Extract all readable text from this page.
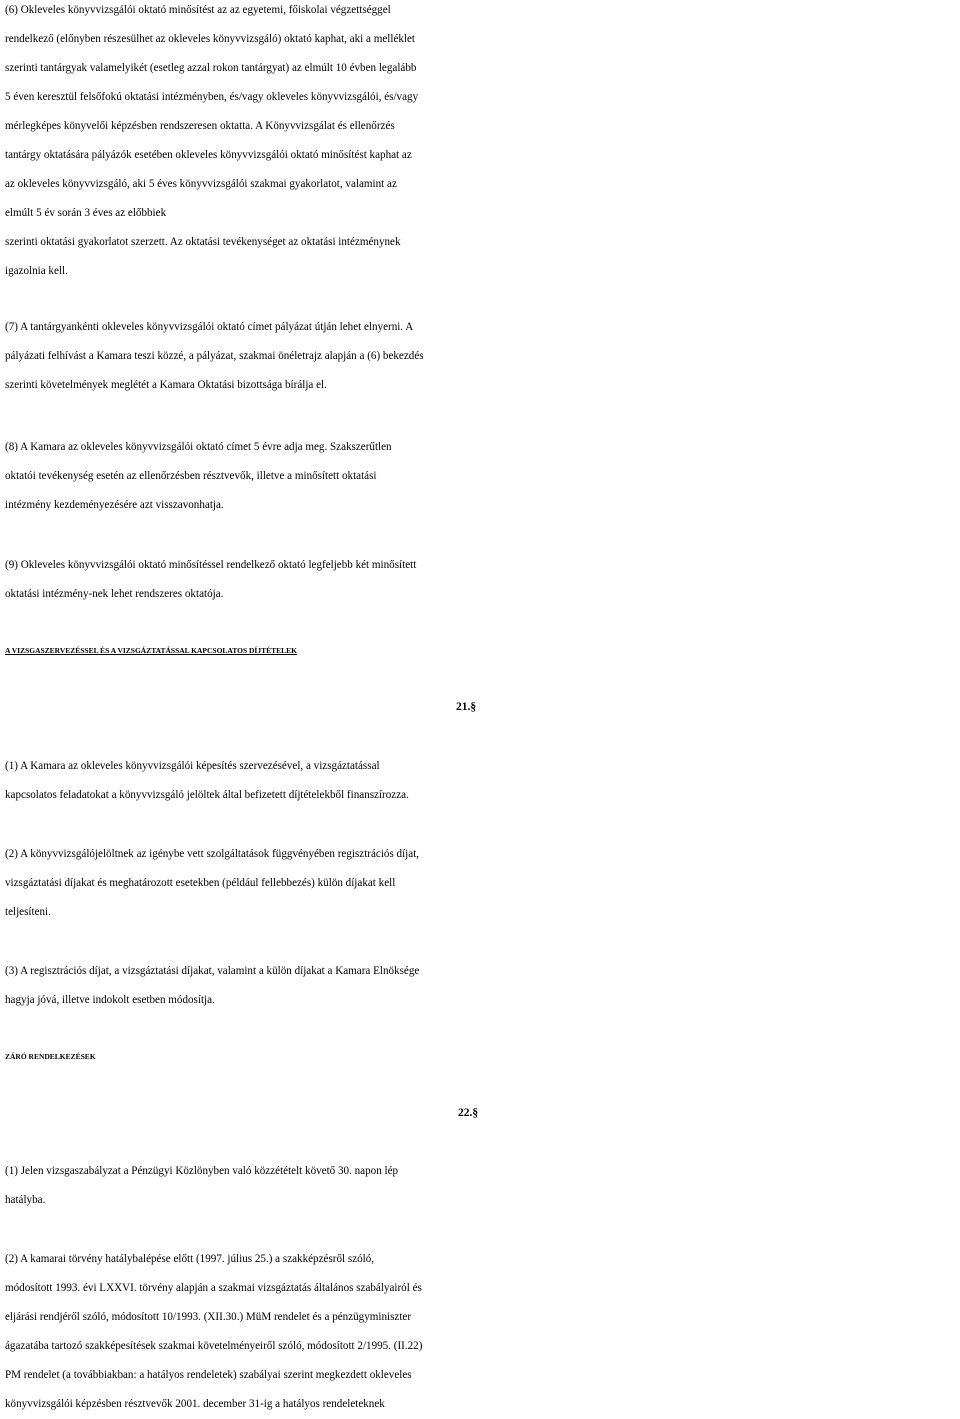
(6) Okleveles könyvvizsgálói oktató minősítést az az egyetemi, főiskolai végzettséggel
rendelkező (előnyben részesülhet az okleveles könyvvizsgáló) oktató kaphat, aki a melléklet
szerinti tantárgyak valamelyikét (esetleg azzal rokon tantárgyat) az elmúlt 10 évben legalább
5 éven keresztül felsőfokú oktatási intézményben, és/vagy okleveles könyvvizsgálói, és/vagy
mérlegképes könyvelői képzésben rendszeresen oktatta. A Könyvvizsgálat és ellenőrzés
tantárgy oktatására pályázók esetében okleveles könyvvizsgálói oktató minősítést kaphat az
az okleveles könyvvizsgáló, aki 5 éves könyvvizsgálói szakmai gyakorlatot, valamint az
elmúlt 5 év során 3 éves az előbbiek
szerinti oktatási gyakorlatot szerzett. Az oktatási tevékenységet az oktatási intézménynek
igazolnia kell.
(7) A tantárgyankénti okleveles könyvvizsgálói oktató címet pályázat útján lehet elnyerni. A
pályázati felhívást a Kamara teszi közzé, a pályázat, szakmai önéletrajz alapján a (6) bekezdés
szerinti követelmények meglétét a Kamara Oktatási bizottsága bírálja el.
(8) A Kamara az okleveles könyvvizsgálói oktató címet 5 évre adja meg. Szakszerűtlen
oktatói tevékenység esetén az ellenőrzésben résztvevők, illetve a minősített oktatási
intézmény kezdeményezésére azt visszavonhatja.
(9) Okleveles könyvvizsgálói oktató minősítéssel rendelkező oktató legfeljebb két minősített
oktatási intézmény-nek lehet rendszeres oktatója.
A VIZSGASZERVEZÉSSEL ÉS A VIZSGÁZTATÁSSAL KAPCSOLATOS DÍJTÉTELEK
21.§
(1) A Kamara az okleveles könyvvizsgálói képesítés szervezésével, a vizsgáztatással
kapcsolatos feladatokat a könyvvizsgáló jelöltek által befizetett díjtételekből finanszírozza.
(2) A könyvvizsgálójelöltnek az igénybe vett szolgáltatások függvényében regisztrációs díjat,
vizsgáztatási díjakat és meghatározott esetekben (például fellebbezés) külön díjakat kell
teljesíteni.
(3) A regisztrációs díjat, a vizsgáztatási díjakat, valamint a külön díjakat a Kamara Elnöksége
hagyja jóvá, illetve indokolt esetben módosítja.
ZÁRÓ RENDELKEZÉSEK
22.§
(1) Jelen vizsgaszabályzat a Pénzügyi Közlönyben való közzétételt követő 30. napon lép
hatályba.
(2) A kamarai törvény hatálybalépése előtt (1997. július 25.) a szakképzésről szóló,
módosított 1993. évi LXXVI. törvény alapján a szakmai vizsgáztatás általános szabályairól és
eljárási rendjéről szóló, módosított 10/1993. (XII.30.) MüM rendelet és a pénzügyminiszter
ágazatába tartozó szakképesítések szakmai követelményeiről szóló, módosított 2/1995. (II.22)
PM rendelet (a továbbiakban: a hatályos rendeletek) szabályai szerint megkezdett okleveles
könyvvizsgálói képzésben résztvevők 2001. december 31-ig a hatályos rendeleteknek
